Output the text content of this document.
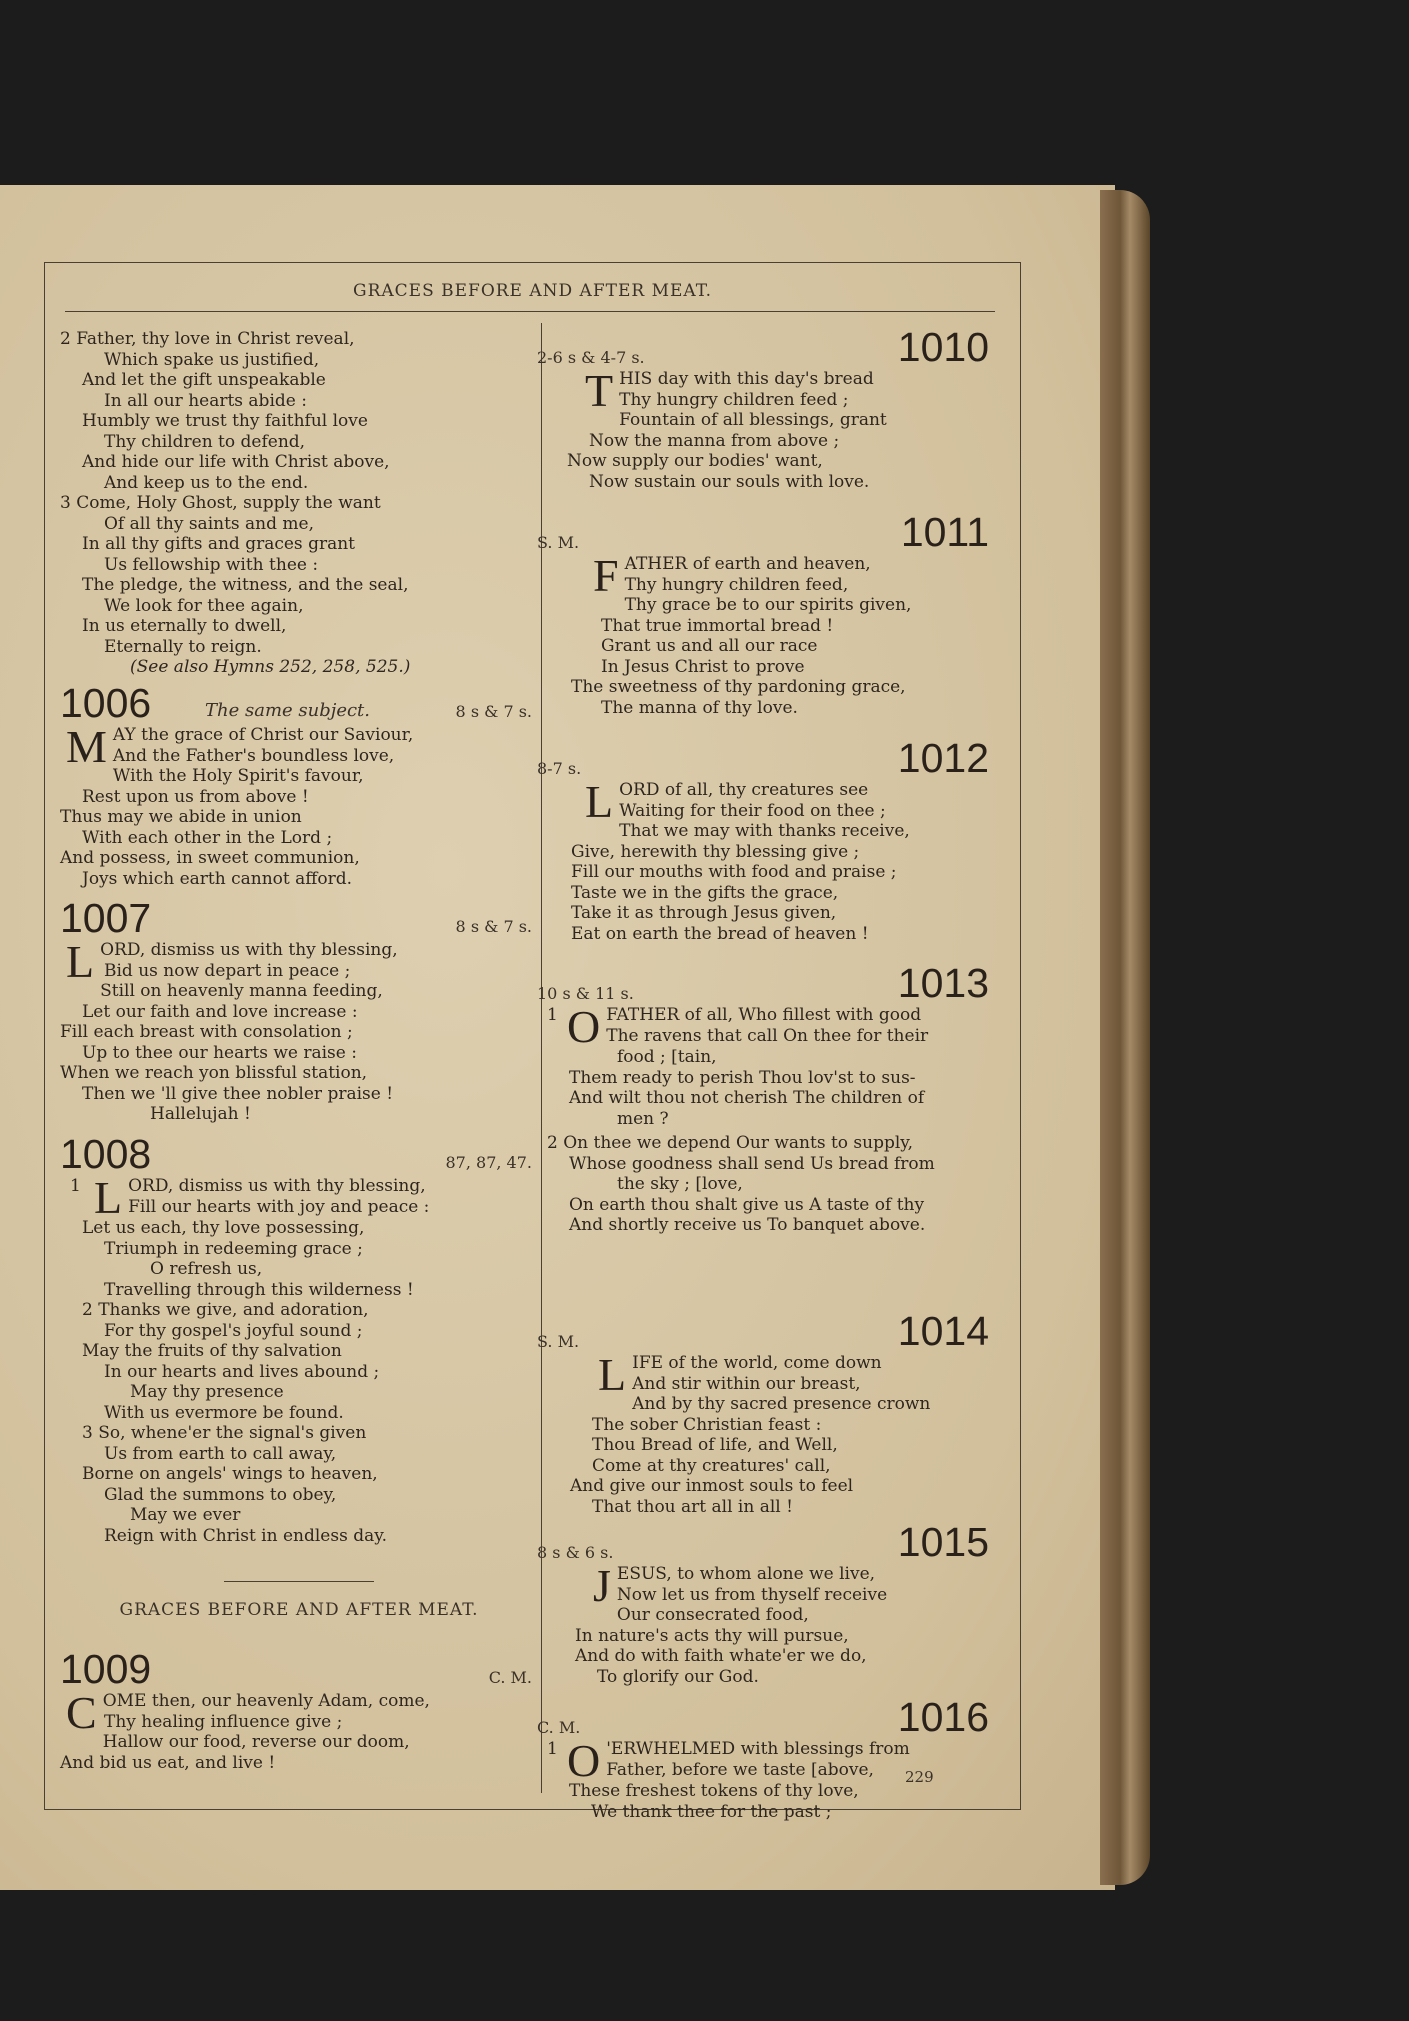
GRACES BEFORE AND AFTER MEAT.
2 Father, thy love in Christ reveal,
Which spake us justified,
And let the gift unspeakable
In all our hearts abide :
Humbly we trust thy faithful love
Thy children to defend,
And hide our life with Christ above,
And keep us to the end.
3 Come, Holy Ghost, supply the want
Of all thy saints and me,
In all thy gifts and graces grant
Us fellowship with thee :
The pledge, the witness, and the seal,
We look for thee again,
In us eternally to dwell,
Eternally to reign.
(See also Hymns 252, 258, 525.)
1006	The same subject.	8 s & 7 s.
M AY the grace of Christ our Saviour,
And the Father's boundless love,
With the Holy Spirit's favour,
Rest upon us from above !
Thus may we abide in union
With each other in the Lord ;
And possess, in sweet communion,
Joys which earth cannot afford.
1007	8 s & 7 s.
L ORD, dismiss us with thy blessing,
Bid us now depart in peace ;
Still on heavenly manna feeding,
Let our faith and love increase :
Fill each breast with consolation ;
Up to thee our hearts we raise :
When we reach yon blissful station,
Then we 'll give thee nobler praise !
Hallelujah !
1008	87, 87, 47.
1 L ORD, dismiss us with thy blessing,
Fill our hearts with joy and peace :
Let us each, thy love possessing,
Triumph in redeeming grace ;
O refresh us,
Travelling through this wilderness !
2 Thanks we give, and adoration,
For thy gospel's joyful sound ;
May the fruits of thy salvation
In our hearts and lives abound ;
May thy presence
With us evermore be found.
3 So, whene'er the signal's given
Us from earth to call away,
Borne on angels' wings to heaven,
Glad the summons to obey,
May we ever
Reign with Christ in endless day.
GRACES BEFORE AND AFTER MEAT.
1009	C. M.
C OME then, our heavenly Adam, come,
Thy healing influence give ;
Hallow our food, reverse our doom,
And bid us eat, and live !
2-6 s & 4-7 s.	1010
T HIS day with this day's bread
Thy hungry children feed ;
Fountain of all blessings, grant
Now the manna from above ;
Now supply our bodies' want,
Now sustain our souls with love.
S. M.	1011
F ATHER of earth and heaven,
Thy hungry children feed,
Thy grace be to our spirits given,
That true immortal bread !
Grant us and all our race
In Jesus Christ to prove
The sweetness of thy pardoning grace,
The manna of thy love.
8-7 s.	1012
L ORD of all, thy creatures see
Waiting for their food on thee ;
That we may with thanks receive,
Give, herewith thy blessing give ;
Fill our mouths with food and praise ;
Taste we in the gifts the grace,
Take it as through Jesus given,
Eat on earth the bread of heaven !
10 s & 11 s.	1013
1 O FATHER of all, Who fillest with good
The ravens that call On thee for their
food ; [tain,
Them ready to perish Thou lov'st to sus-
And wilt thou not cherish The children of
men ?
2 On thee we depend Our wants to supply,
Whose goodness shall send Us bread from
the sky ; [love,
On earth thou shalt give us A taste of thy
And shortly receive us To banquet above.
S. M.	1014
L IFE of the world, come down
And stir within our breast,
And by thy sacred presence crown
The sober Christian feast :
Thou Bread of life, and Well,
Come at thy creatures' call,
And give our inmost souls to feel
That thou art all in all !
8 s & 6 s.	1015
J ESUS, to whom alone we live,
Now let us from thyself receive
Our consecrated food,
In nature's acts thy will pursue,
And do with faith whate'er we do,
To glorify our God.
C. M.	1016
1 O 'ERWHELMED with blessings from
Father, before we taste [above,
These freshest tokens of thy love,
We thank thee for the past ;
229
